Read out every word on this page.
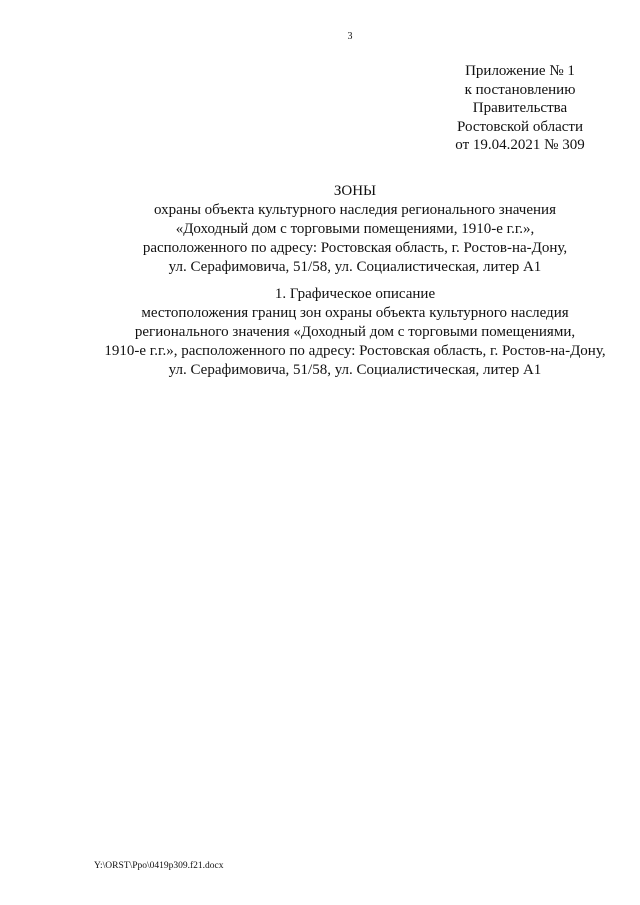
3
Приложение № 1
к постановлению
Правительства
Ростовской области
от 19.04.2021 № 309
ЗОНЫ
охраны объекта культурного наследия регионального значения
«Доходный дом с торговыми помещениями, 1910-е г.г.»,
расположенного по адресу: Ростовская область, г. Ростов-на-Дону,
ул. Серафимовича, 51/58, ул. Социалистическая, литер А1
1. Графическое описание
местоположения границ зон охраны объекта культурного наследия
регионального значения «Доходный дом с торговыми помещениями,
1910-е г.г.», расположенного по адресу: Ростовская область, г. Ростов-на-Дону,
ул. Серафимовича, 51/58, ул. Социалистическая, литер А1
Y:\ORST\Ppo\0419p309.f21.docx
